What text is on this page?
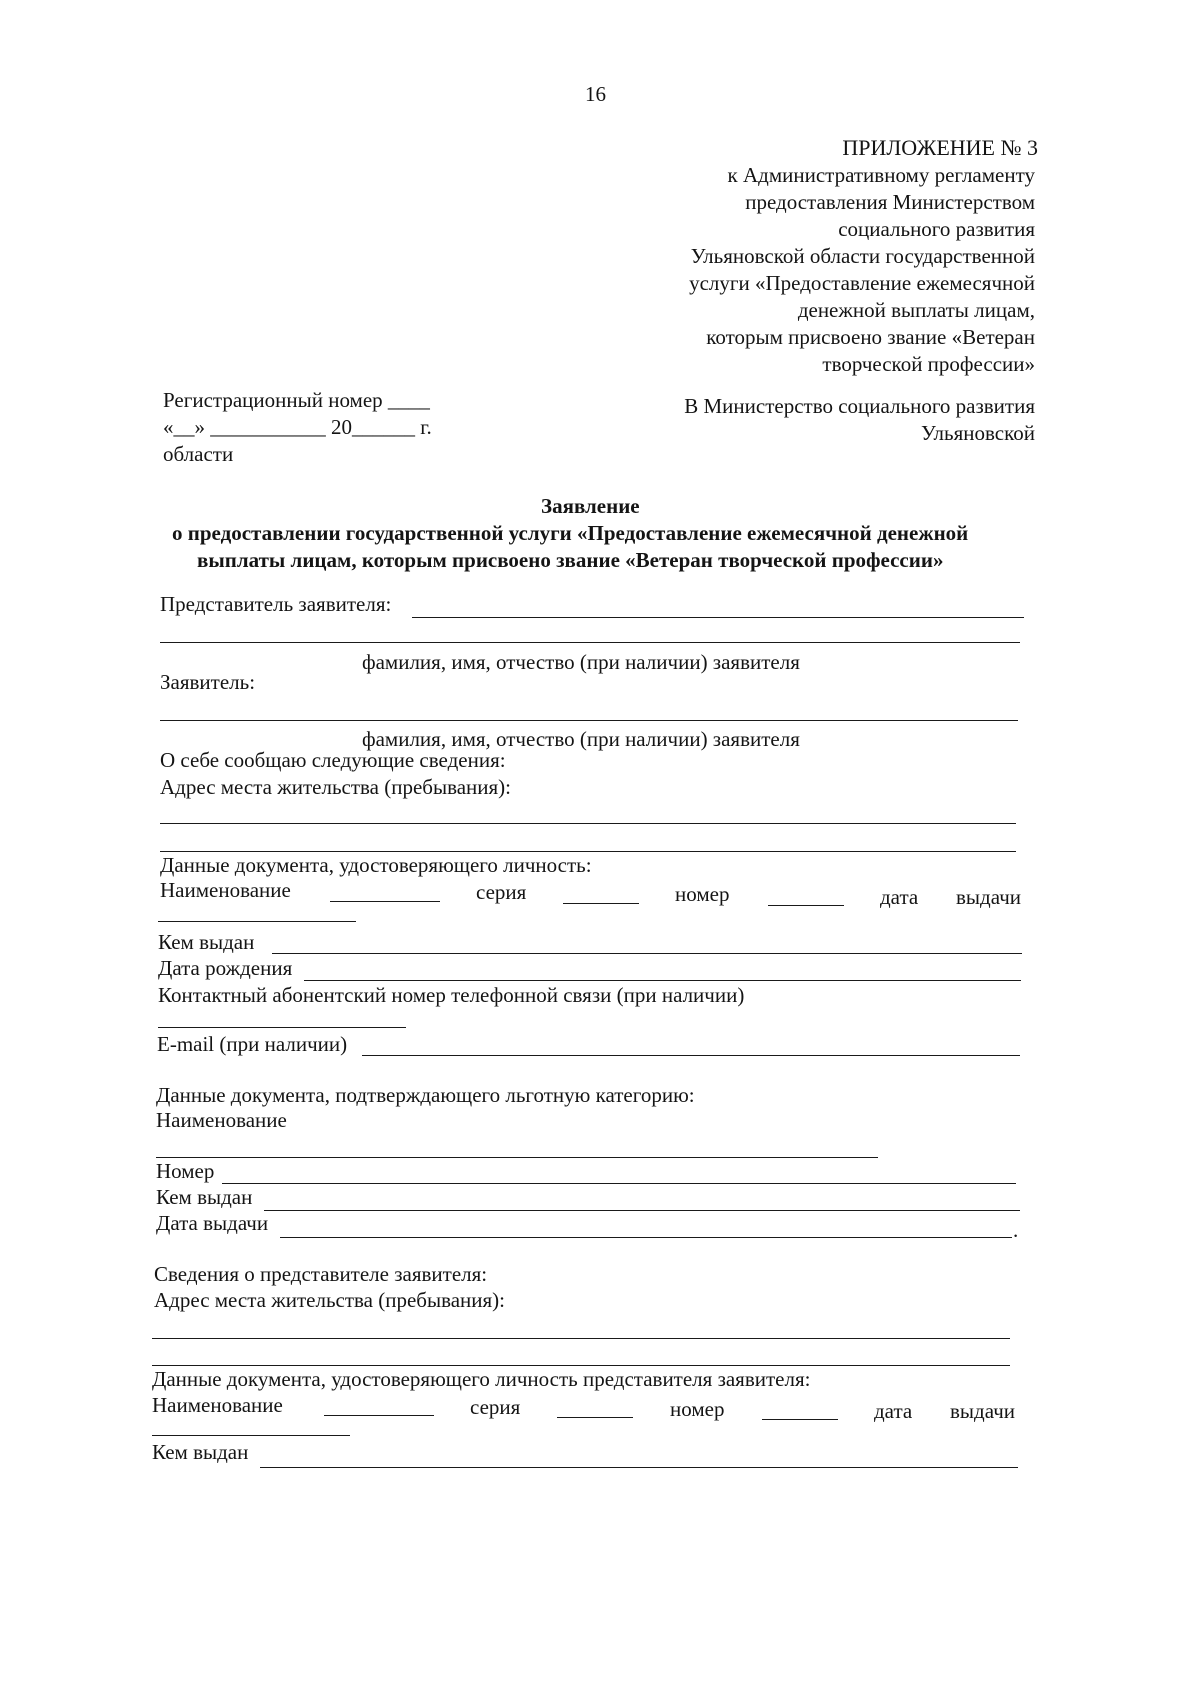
16
ПРИЛОЖЕНИЕ № 3
к Административному регламенту
предоставления Министерством
социального развития
Ульяновской области государственной
услуги «Предоставление ежемесячной
денежной выплаты лицам,
которым присвоено звание «Ветеран
творческой профессии»
Регистрационный номер ____
«__» ___________ 20______ г.
области
В Министерство социального развития
Ульяновской
Заявление
о предоставлении государственной услуги «Предоставление ежемесячной денежной
выплаты лицам, которым присвоено звание «Ветеран творческой профессии»
Представитель заявителя:
фамилия, имя, отчество (при наличии) заявителя
Заявитель:
фамилия, имя, отчество (при наличии) заявителя
О себе сообщаю следующие сведения:
Адрес места жительства (пребывания):
Данные документа, удостоверяющего личность:
Наименование	серия	номер	дата выдачи
Кем выдан
Дата рождения
Контактный абонентский номер телефонной связи (при наличии)
E-mail (при наличии)
Данные документа, подтверждающего льготную категорию:
Наименование
Номер
Кем выдан
Дата выдачи	.
Сведения о представителе заявителя:
Адрес места жительства (пребывания):
Данные документа, удостоверяющего личность представителя заявителя:
Наименование	серия	номер	дата выдачи
Кем выдан
